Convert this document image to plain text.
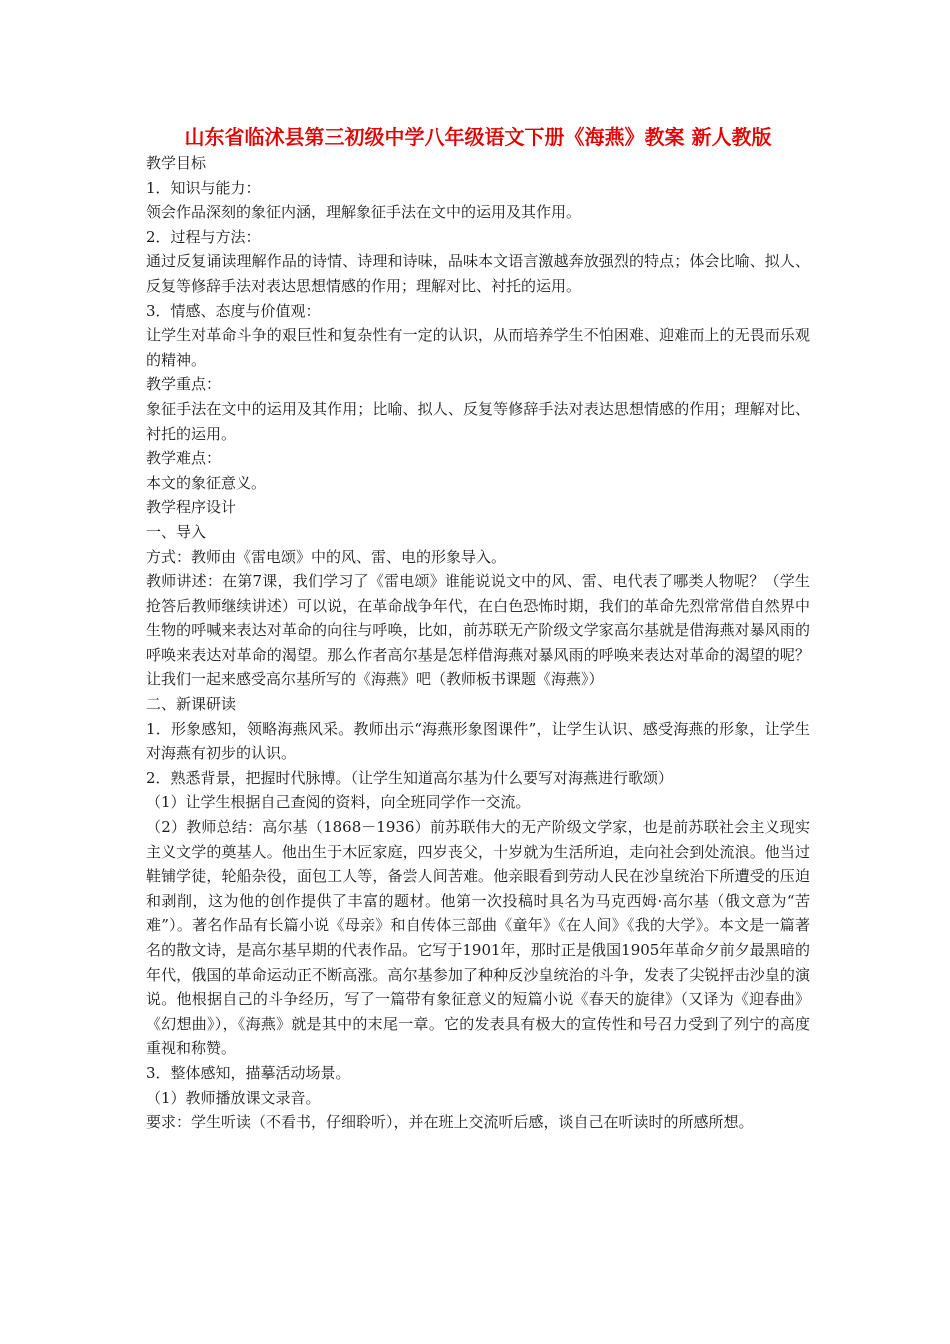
山东省临沭县第三初级中学八年级语文下册《海燕》教案 新人教版

教学目标

1．知识与能力：

领会作品深刻的象征内涵，理解象征手法在文中的运用及其作用。

2．过程与方法：

通过反复诵读理解作品的诗情、诗理和诗味，品味本文语言激越奔放强烈的特点；体会比喻、拟人、反复等修辞手法对表达思想情感的作用；理解对比、衬托的运用。

3．情感、态度与价值观：

让学生对革命斗争的艰巨性和复杂性有一定的认识，从而培养学生不怕困难、迎难而上的无畏而乐观的精神。

教学重点：

象征手法在文中的运用及其作用；比喻、拟人、反复等修辞手法对表达思想情感的作用；理解对比、衬托的运用。

教学难点：

本文的象征意义。

教学程序设计

一、导入

方式：教师由《雷电颂》中的风、雷、电的形象导入。

教师讲述：在第7课，我们学习了《雷电颂》谁能说说文中的风、雷、电代表了哪类人物呢？（学生抢答后教师继续讲述）可以说，在革命战争年代，在白色恐怖时期，我们的革命先烈常常借自然界中生物的呼喊来表达对革命的向往与呼唤，比如，前苏联无产阶级文学家高尔基就是借海燕对暴风雨的呼唤来表达对革命的渴望。那么作者高尔基是怎样借海燕对暴风雨的呼唤来表达对革命的渴望的呢？让我们一起来感受高尔基所写的《海燕》吧（教师板书课题《海燕》）

二、新课研读

1．形象感知，领略海燕风采。教师出示“海燕形象图课件”，让学生认识、感受海燕的形象，让学生对海燕有初步的认识。

2．熟悉背景，把握时代脉博。（让学生知道高尔基为什么要写对海燕进行歌颂）

（1）让学生根据自己查阅的资料，向全班同学作一交流。

（2）教师总结：高尔基（1868－1936）前苏联伟大的无产阶级文学家，也是前苏联社会主义现实主义文学的奠基人。他出生于木匠家庭，四岁丧父，十岁就为生活所迫，走向社会到处流浪。他当过鞋铺学徒，轮船杂役，面包工人等，备尝人间苦难。他亲眼看到劳动人民在沙皇统治下所遭受的压迫和剥削，这为他的创作提供了丰富的题材。他第一次投稿时具名为马克西姆·高尔基（俄文意为“苦难”）。著名作品有长篇小说《母亲》和自传体三部曲《童年》《在人间》《我的大学》。本文是一篇著名的散文诗，是高尔基早期的代表作品。它写于1901年，那时正是俄国1905年革命夕前夕最黑暗的年代，俄国的革命运动正不断高涨。高尔基参加了种种反沙皇统治的斗争，发表了尖锐抨击沙皇的演说。他根据自己的斗争经历，写了一篇带有象征意义的短篇小说《春天的旋律》（又译为《迎春曲》《幻想曲》），《海燕》就是其中的末尾一章。它的发表具有极大的宣传性和号召力受到了列宁的高度重视和称赞。

3．整体感知，描摹活动场景。

（1）教师播放课文录音。

要求：学生听读（不看书，仔细聆听），并在班上交流听后感，谈自己在听读时的所感所想。
